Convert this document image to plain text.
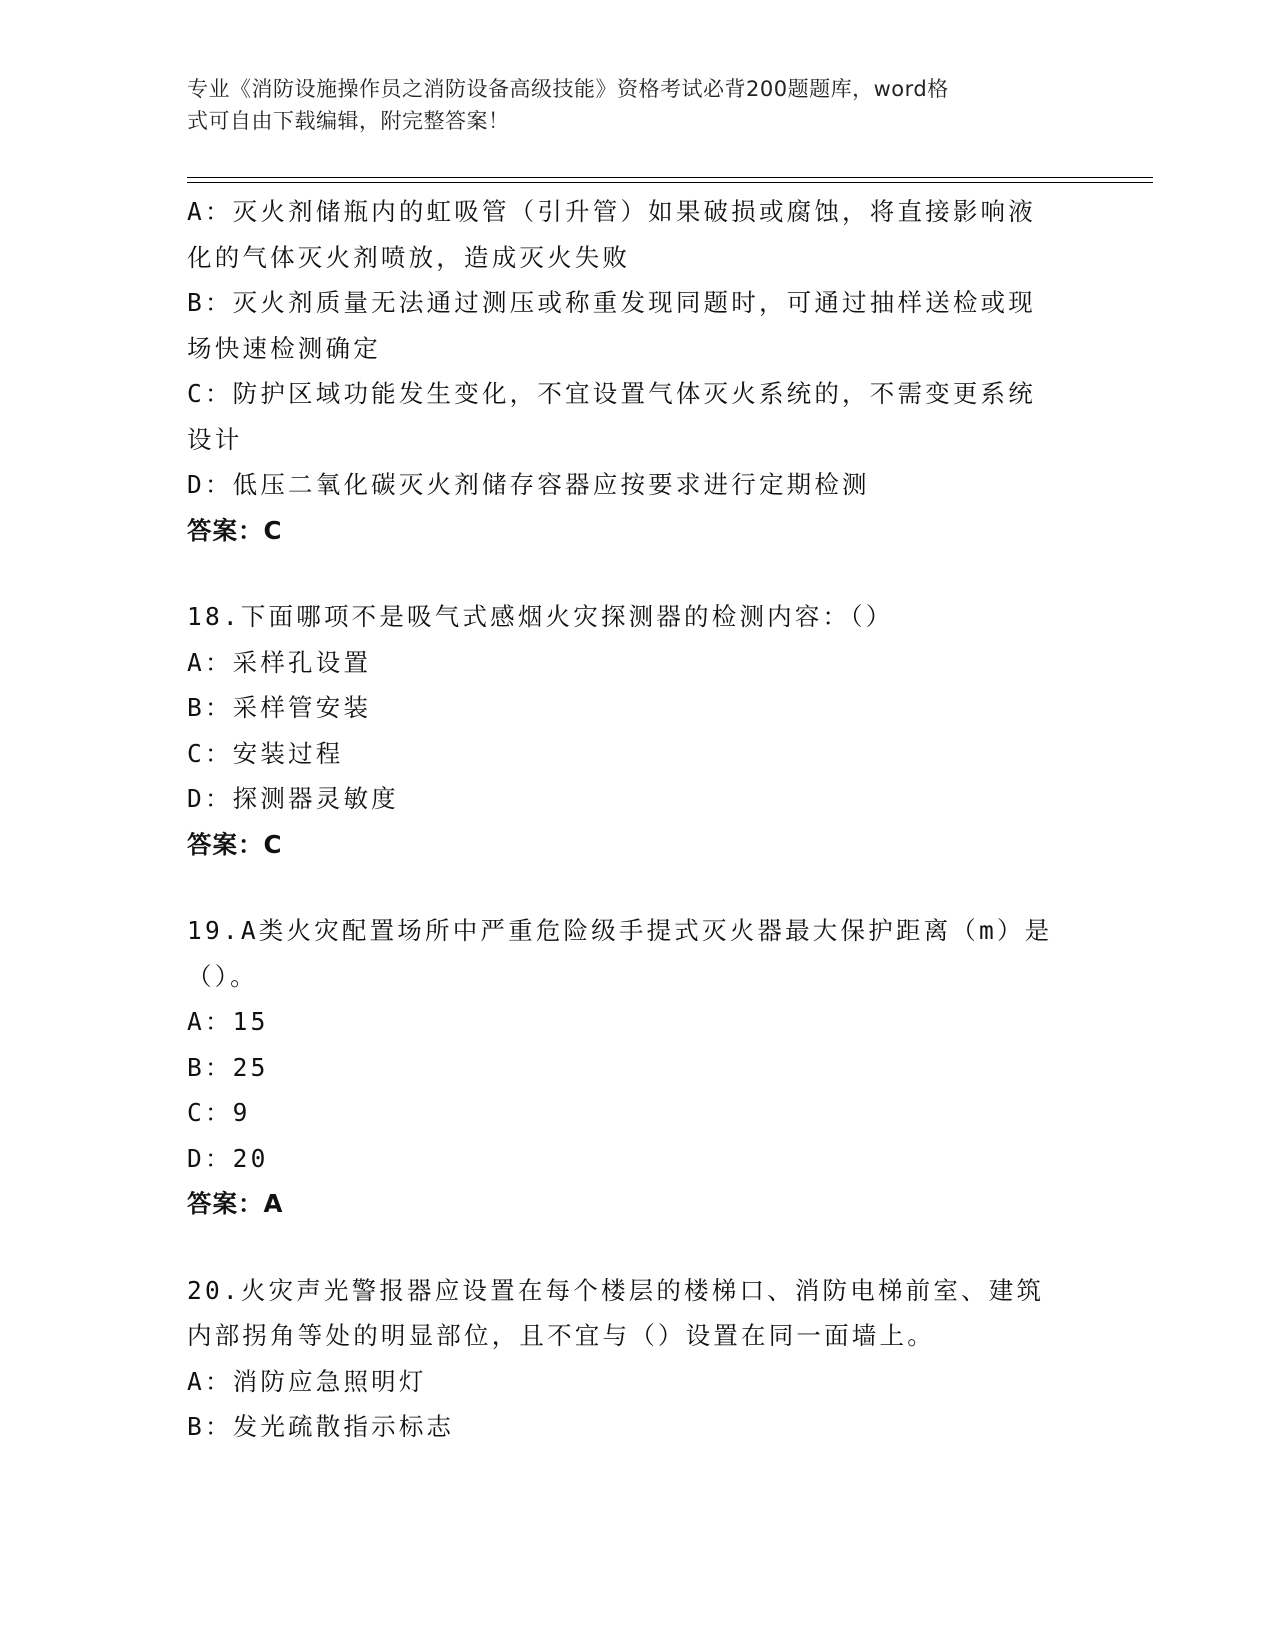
专业《消防设施操作员之消防设备高级技能》资格考试必背200题题库，word格
式可自由下载编辑，附完整答案！

A：灭火剂储瓶内的虹吸管（引升管）如果破损或腐蚀，将直接影响液

化的气体灭火剂喷放，造成灭火失败

B：灭火剂质量无法通过测压或称重发现同题时，可通过抽样送检或现

场快速检测确定

C：防护区域功能发生变化，不宜设置气体灭火系统的，不需变更系统

设计

D：低压二氧化碳灭火剂储存容器应按要求进行定期检测

答案：C

18.下面哪项不是吸气式感烟火灾探测器的检测内容：（）

A：采样孔设置

B：采样管安装

C：安装过程

D：探测器灵敏度

答案：C

19.A类火灾配置场所中严重危险级手提式灭火器最大保护距离（m）是

（）。

A：15

B：25

C：9

D：20

答案：A

20.火灾声光警报器应设置在每个楼层的楼梯口、消防电梯前室、建筑

内部拐角等处的明显部位，且不宜与（）设置在同一面墙上。

A：消防应急照明灯

B：发光疏散指示标志
